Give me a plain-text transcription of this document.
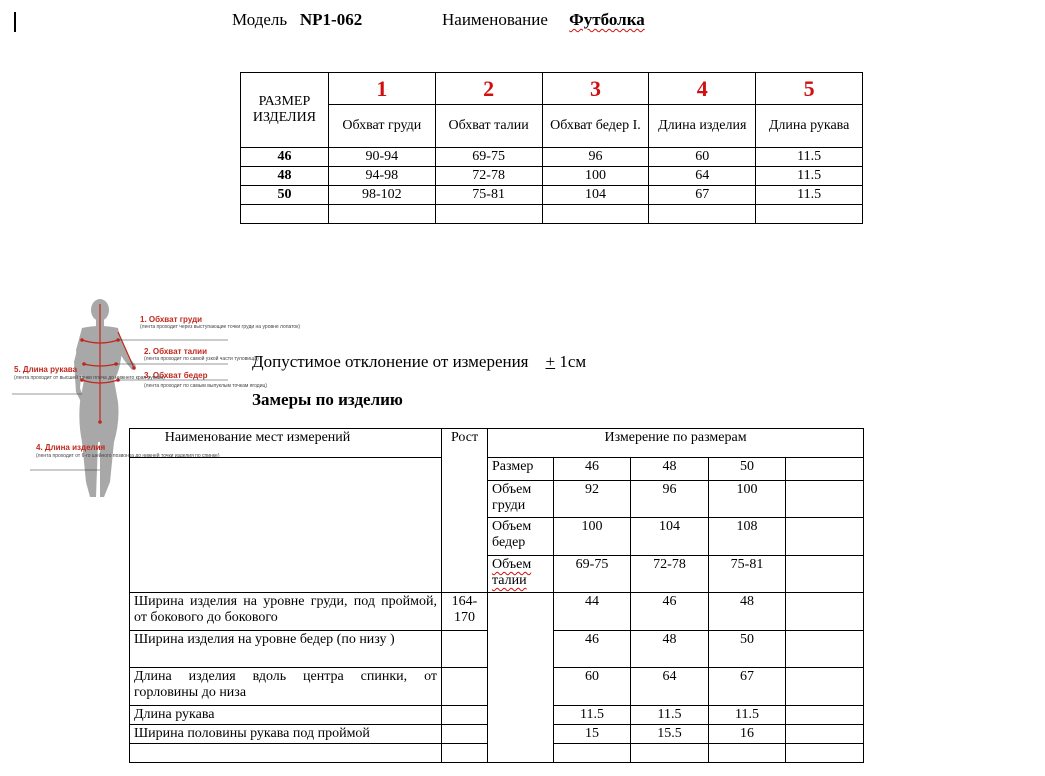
Модель NP1-062	Наименование Футболка
РАЗМЕР ИЗДЕЛИЯ	1	2	3	4	5
	Обхват груди	Обхват талии	Обхват бедер I.	Длина изделия	Длина рукава
46	90-94	69-75	96	60	11.5
48	94-98	72-78	100	64	11.5
50	98-102	75-81	104	67	11.5

1. Обхват груди
(лента проходит через выступающие точки груди на уровне лопаток)
2. Обхват талии
(лента проходит по самой узкой части туловища)
3. Обхват бедер
(лента проходит по самым выпуклым точкам ягодиц)
5. Длина рукава
(лента проходит от высшей точки плеча до нижнего края рукава)
4. Длина изделия
(лента проходит от 6-го шейного позвонка до нижней точки изделия по спинке)
Допустимое отклонение от измерения + 1см
Замеры по изделию
Наименование мест измерений	Рост	Измерение по размерам				
		Размер	46	48	50	
		Объем груди	92	96	100	
		Объем бедер	100	104	108	
		Объем талии	69-75	72-78	75-81	
Ширина изделия на уровне груди, под проймой, от бокового до бокового	164-170		44	46	48	
Ширина изделия на уровне бедер (по низу )			46	48	50	
Длина изделия вдоль центра спинки, от горловины до низа			60	64	67	
Длина рукава			11.5	11.5	11.5	
Ширина половины рукава под проймой			15	15.5	16	
